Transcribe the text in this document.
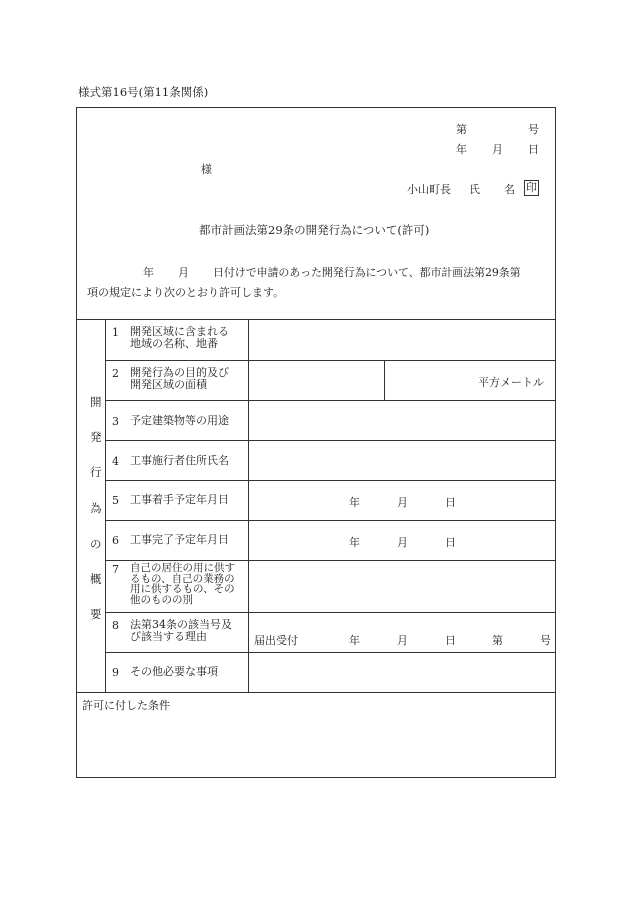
様式第16号(第11条関係)
第	号
年 月 日
様
小山町長 氏 名 印
都市計画法第29条の開発行為について(許可)
年 月 日付けで申請のあった開発行為について、都市計画法第29条第
項の規定により次のとおり許可します。
開
発
行
為
の
概
要
1 開発区域に含まれる
地域の名称、地番
2 開発行為の目的及び
開発区域の面積	平方メートル
3 予定建築物等の用途
4 工事施行者住所氏名
5 工事着手予定年月日	年	月	日
6 工事完了予定年月日	年	月	日
7 自己の居住の用に供す
るもの、自己の業務の
用に供するもの、その
他のものの別
8 法第34条の該当号及
び該当する理由	届出受付	年	月	日	第	号
9 その他必要な事項
許可に付した条件
